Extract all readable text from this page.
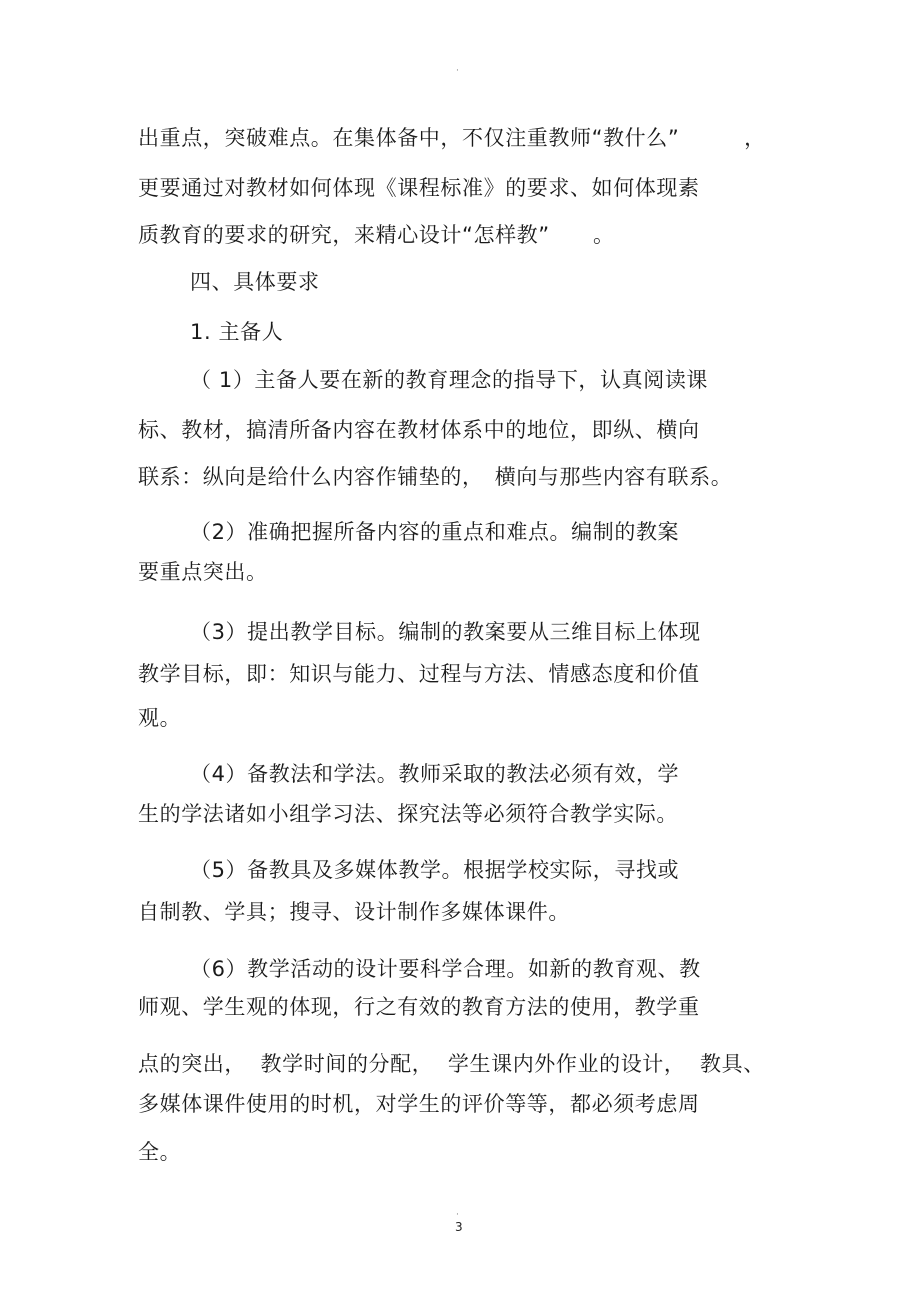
·
出重点，突破难点。在集体备中，不仅注重教师“教什么”　　　，
更要通过对教材如何体现《课程标准》的要求、如何体现素
质教育的要求的研究，来精心设计“怎样教”　　。
四、具体要求
1. 主备人
（ 1）主备人要在新的教育理念的指导下，认真阅读课
标、教材，搞清所备内容在教材体系中的地位，即纵、横向
联系：纵向是给什么内容作铺垫的，　横向与那些内容有联系。
（2）准确把握所备内容的重点和难点。编制的教案
要重点突出。
（3）提出教学目标。编制的教案要从三维目标上体现
教学目标，即：知识与能力、过程与方法、情感态度和价值
观。
（4）备教法和学法。教师采取的教法必须有效，学
生的学法诸如小组学习法、探究法等必须符合教学实际。
（5）备教具及多媒体教学。根据学校实际，寻找或
自制教、学具；搜寻、设计制作多媒体课件。
（6）教学活动的设计要科学合理。如新的教育观、教
师观、学生观的体现，行之有效的教育方法的使用，教学重
点的突出，  教学时间的分配，  学生课内外作业的设计，  教具、
多媒体课件使用的时机，对学生的评价等等，都必须考虑周
全。
·
3
